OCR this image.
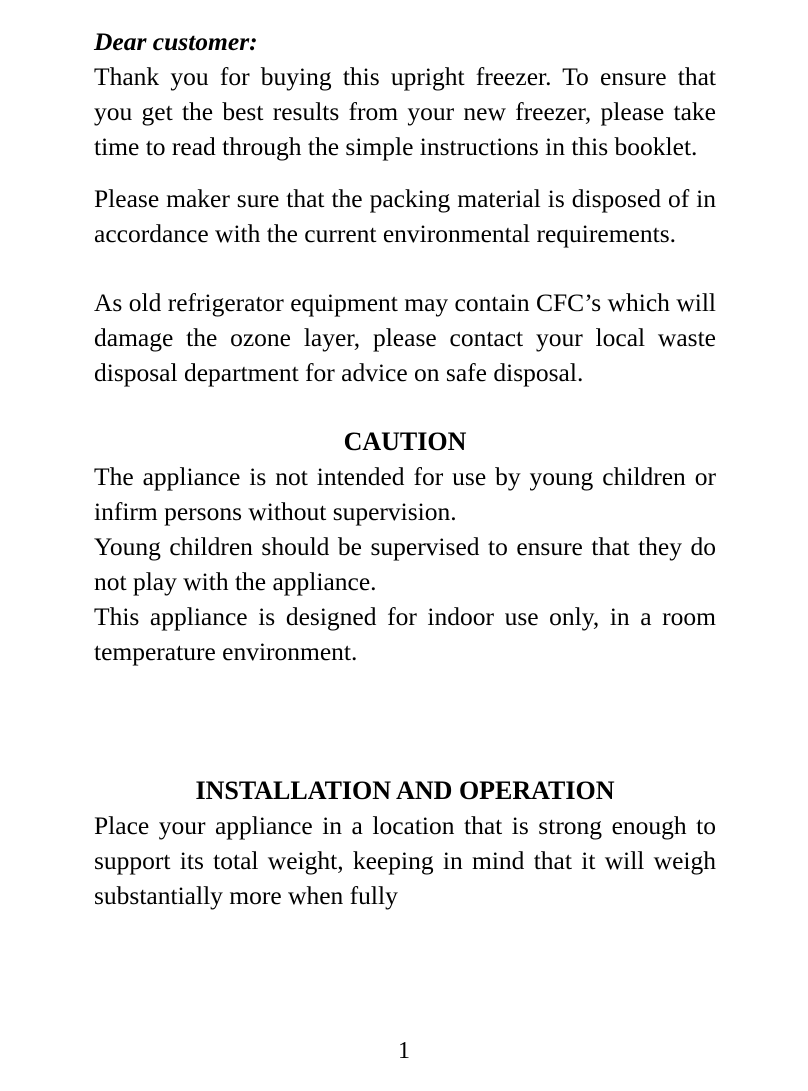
Dear customer:

Thank you for buying this upright freezer. To ensure that you get the best results from your new freezer, please take time to read through the simple instructions in this booklet.

Please maker sure that the packing material is disposed of in accordance with the current environmental requirements.

As old refrigerator equipment may contain CFC’s which will damage the ozone layer, please contact your local waste disposal department for advice on safe disposal.

CAUTION

The appliance is not intended for use by young children or infirm persons without supervision.

Young children should be supervised to ensure that they do not play with the appliance.

This appliance is designed for indoor use only, in a room temperature environment.

INSTALLATION AND OPERATION

Place your appliance in a location that is strong enough to support its total weight, keeping in mind that it will weigh substantially more when fully

1
